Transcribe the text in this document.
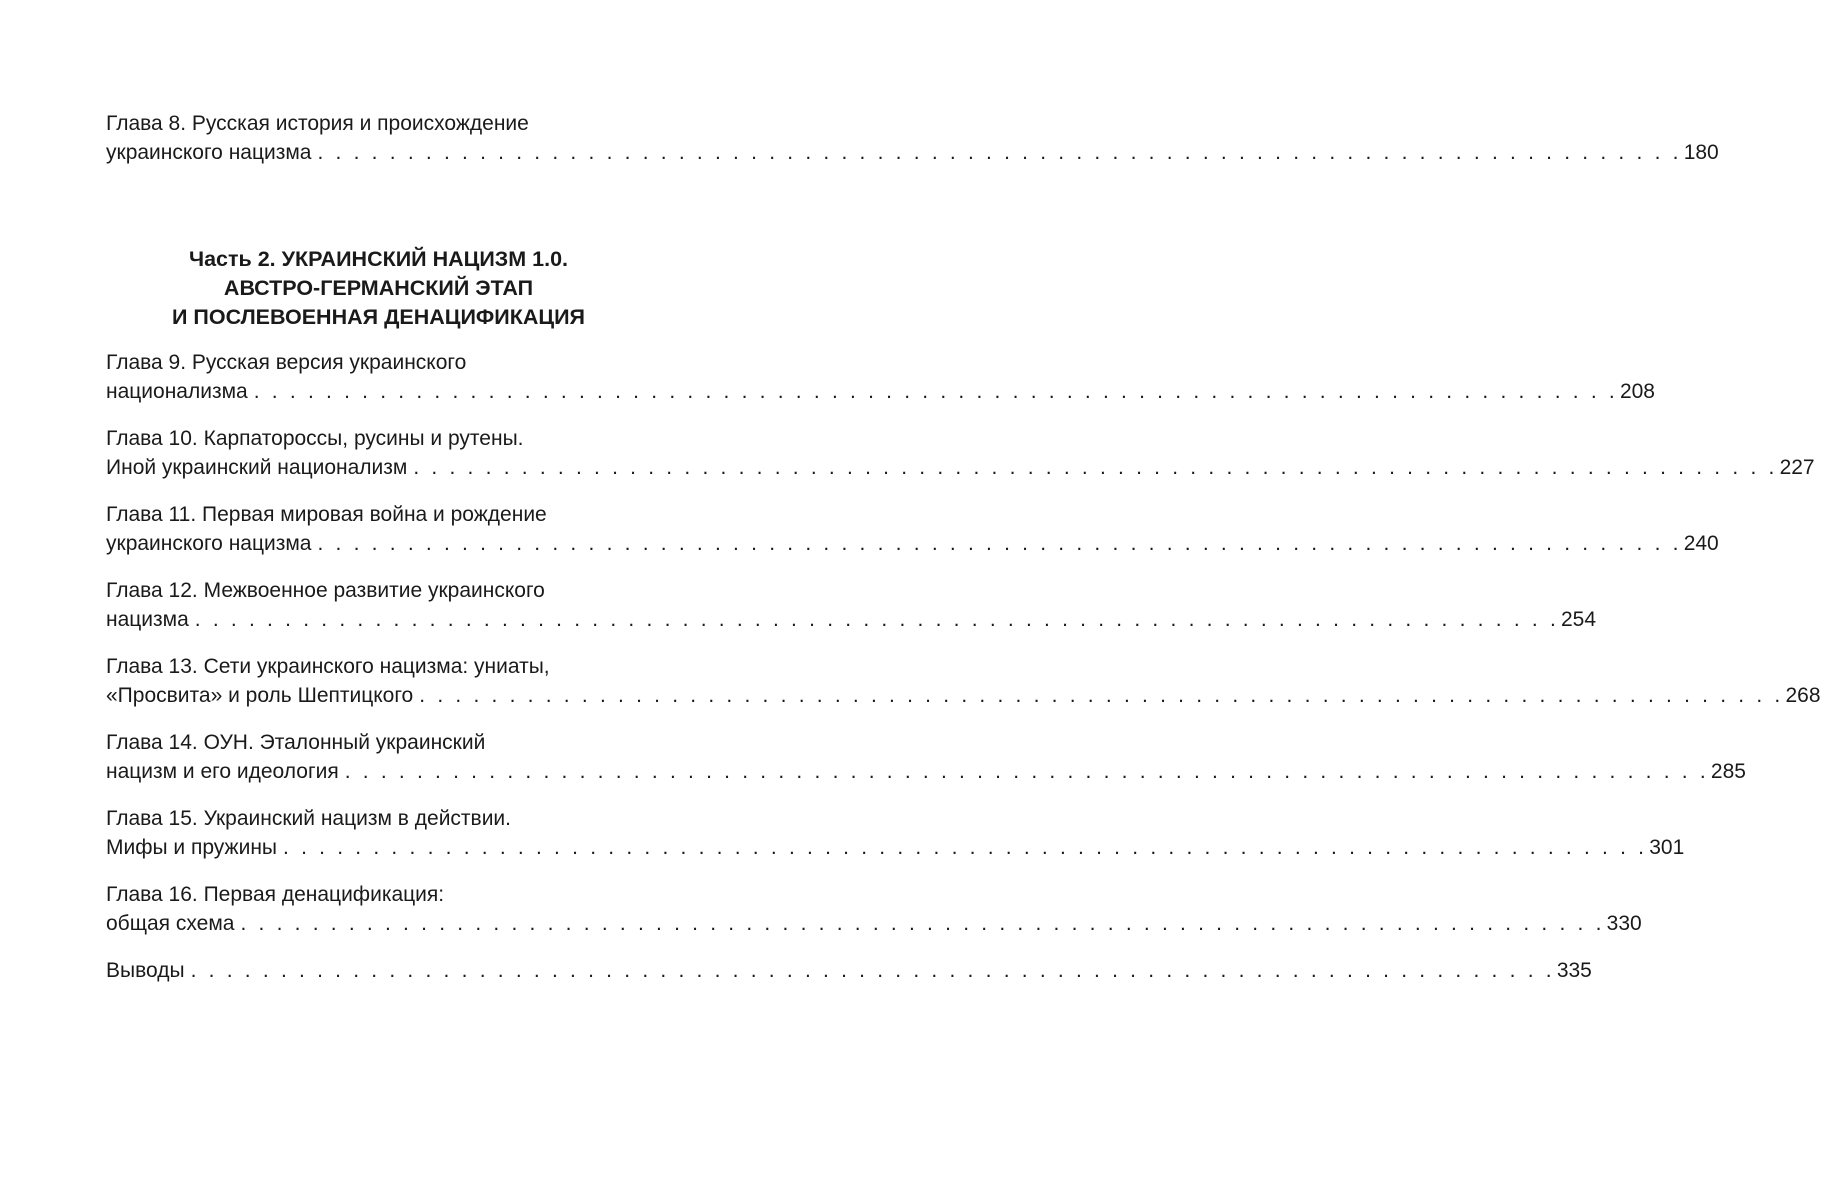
Глава 8. Русская история и происхождение
украинского нацизма . . . . . . . . . . . . . . . . . . . . . . . . . . . . . . . . . . . . . . . . . . . . . . . . . . . . . . . . . . . . . . . . . . . . . . . . . . . . 180
Часть 2. УКРАИНСКИЙ НАЦИЗМ 1.0.
АВСТРО-ГЕРМАНСКИЙ ЭТАП
И ПОСЛЕВОЕННАЯ ДЕНАЦИФИКАЦИЯ
Глава 9. Русская версия украинского
национализма . . . . . . . . . . . . . . . . . . . . . . . . . . . . . . . . . . . . . . . . . . . . . . . . . . . . . . . . . . . . . . . . . . . . . . . . . . . . 208
Глава 10. Карпатороссы, русины и рутены.
Иной украинский национализм . . . . . . . . . . . . . . . . . . . . . . . . . . . . . . . . . . . . . . . . . . . . . . . . . . . . . . . . . . . . . . . . . . . . . . . . . . . . 227
Глава 11. Первая мировая война и рождение
украинского нацизма . . . . . . . . . . . . . . . . . . . . . . . . . . . . . . . . . . . . . . . . . . . . . . . . . . . . . . . . . . . . . . . . . . . . . . . . . . . . 240
Глава 12. Межвоенное развитие украинского
нацизма . . . . . . . . . . . . . . . . . . . . . . . . . . . . . . . . . . . . . . . . . . . . . . . . . . . . . . . . . . . . . . . . . . . . . . . . . . . . 254
Глава 13. Сети украинского нацизма: униаты,
«Просвита» и роль Шептицкого . . . . . . . . . . . . . . . . . . . . . . . . . . . . . . . . . . . . . . . . . . . . . . . . . . . . . . . . . . . . . . . . . . . . . . . . . . . . 268
Глава 14. ОУН. Эталонный украинский
нацизм и его идеология . . . . . . . . . . . . . . . . . . . . . . . . . . . . . . . . . . . . . . . . . . . . . . . . . . . . . . . . . . . . . . . . . . . . . . . . . . . . 285
Глава 15. Украинский нацизм в действии.
Мифы и пружины . . . . . . . . . . . . . . . . . . . . . . . . . . . . . . . . . . . . . . . . . . . . . . . . . . . . . . . . . . . . . . . . . . . . . . . . . . . . 301
Глава 16. Первая денацификация:
общая схема . . . . . . . . . . . . . . . . . . . . . . . . . . . . . . . . . . . . . . . . . . . . . . . . . . . . . . . . . . . . . . . . . . . . . . . . . . . . 330
Выводы . . . . . . . . . . . . . . . . . . . . . . . . . . . . . . . . . . . . . . . . . . . . . . . . . . . . . . . . . . . . . . . . . . . . . . . . . . . . 335
